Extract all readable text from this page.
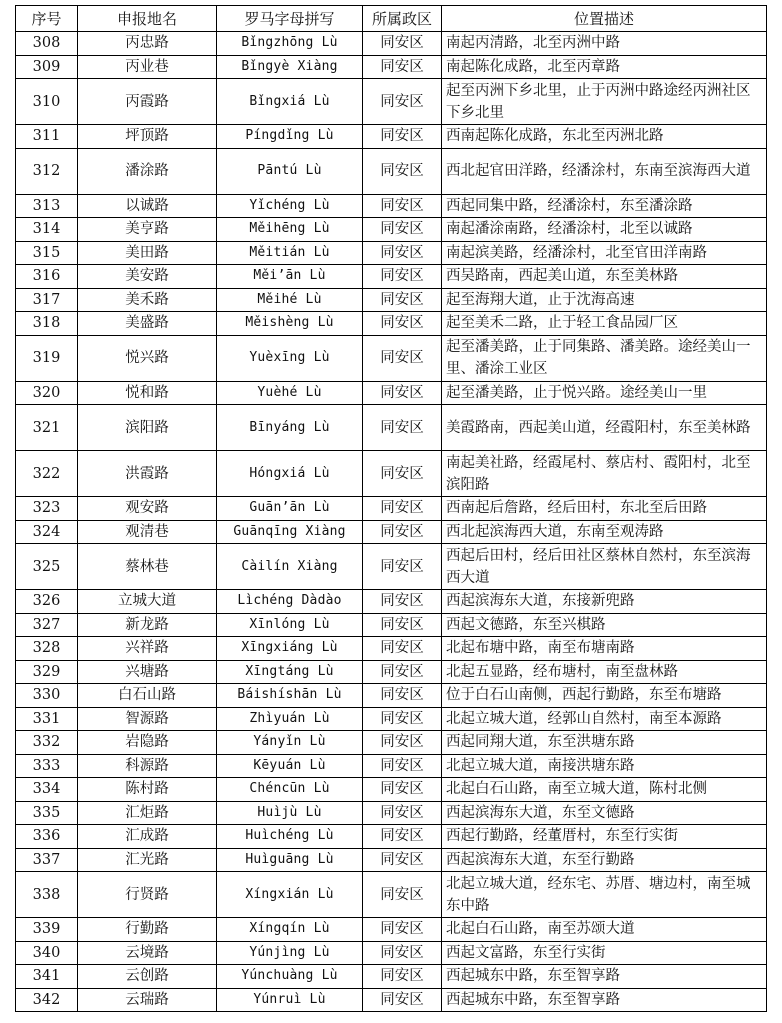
序号	申报地名	罗马字母拼写	所属政区	位置描述
308	丙忠路	Bǐngzhōng Lù	同安区	南起丙清路，北至丙洲中路
309	丙业巷	Bǐngyè Xiàng	同安区	南起陈化成路，北至丙章路
310	丙霞路	Bǐngxiá Lù	同安区	起至丙洲下乡北里，止于丙洲中路途经丙洲社区下乡北里
311	坪顶路	Píngdǐng Lù	同安区	西南起陈化成路，东北至丙洲北路
312	潘涂路	Pāntú Lù	同安区	西北起官田洋路，经潘涂村，东南至滨海西大道
313	以诚路	Yǐchéng Lù	同安区	西起同集中路，经潘涂村，东至潘涂路
314	美亨路	Měihēng Lù	同安区	南起潘涂南路，经潘涂村，北至以诚路
315	美田路	Měitián Lù	同安区	南起滨美路，经潘涂村，北至官田洋南路
316	美安路	Měi’ān Lù	同安区	西吴路南，西起美山道，东至美林路
317	美禾路	Měihé Lù	同安区	起至海翔大道，止于沈海高速
318	美盛路	Měishèng Lù	同安区	起至美禾二路，止于轻工食品园厂区
319	悦兴路	Yuèxīng Lù	同安区	起至潘美路，止于同集路、潘美路。途经美山一里、潘涂工业区
320	悦和路	Yuèhé Lù	同安区	起至潘美路，止于悦兴路。途经美山一里
321	滨阳路	Bīnyáng Lù	同安区	美霞路南，西起美山道，经霞阳村，东至美林路
322	洪霞路	Hóngxiá Lù	同安区	南起美社路，经霞尾村、蔡店村、霞阳村，北至滨阳路
323	观安路	Guān’ān Lù	同安区	西南起后詹路，经后田村，东北至后田路
324	观清巷	Guānqīng Xiàng	同安区	西北起滨海西大道，东南至观涛路
325	蔡林巷	Càilín Xiàng	同安区	西起后田村，经后田社区蔡林自然村，东至滨海西大道
326	立城大道	Lìchéng Dàdào	同安区	西起滨海东大道，东接新兜路
327	新龙路	Xīnlóng Lù	同安区	西起文德路，东至兴棋路
328	兴祥路	Xīngxiáng Lù	同安区	北起布塘中路，南至布塘南路
329	兴塘路	Xīngtáng Lù	同安区	北起五显路，经布塘村，南至盘林路
330	白石山路	Báishíshān Lù	同安区	位于白石山南侧，西起行勤路，东至布塘路
331	智源路	Zhìyuán Lù	同安区	北起立城大道，经郭山自然村，南至本源路
332	岩隐路	Yányǐn Lù	同安区	西起同翔大道，东至洪塘东路
333	科源路	Kēyuán Lù	同安区	北起立城大道，南接洪塘东路
334	陈村路	Chéncūn Lù	同安区	北起白石山路，南至立城大道，陈村北侧
335	汇炬路	Huìjù Lù	同安区	西起滨海东大道，东至文德路
336	汇成路	Huìchéng Lù	同安区	西起行勤路，经董厝村，东至行实街
337	汇光路	Huìguāng Lù	同安区	西起滨海东大道，东至行勤路
338	行贤路	Xíngxián Lù	同安区	北起立城大道，经东宅、苏厝、塘边村，南至城东中路
339	行勤路	Xíngqín Lù	同安区	北起白石山路，南至苏颂大道
340	云境路	Yúnjìng Lù	同安区	西起文富路，东至行实街
341	云创路	Yúnchuàng Lù	同安区	西起城东中路，东至智享路
342	云瑞路	Yúnruì Lù	同安区	西起城东中路，东至智享路
